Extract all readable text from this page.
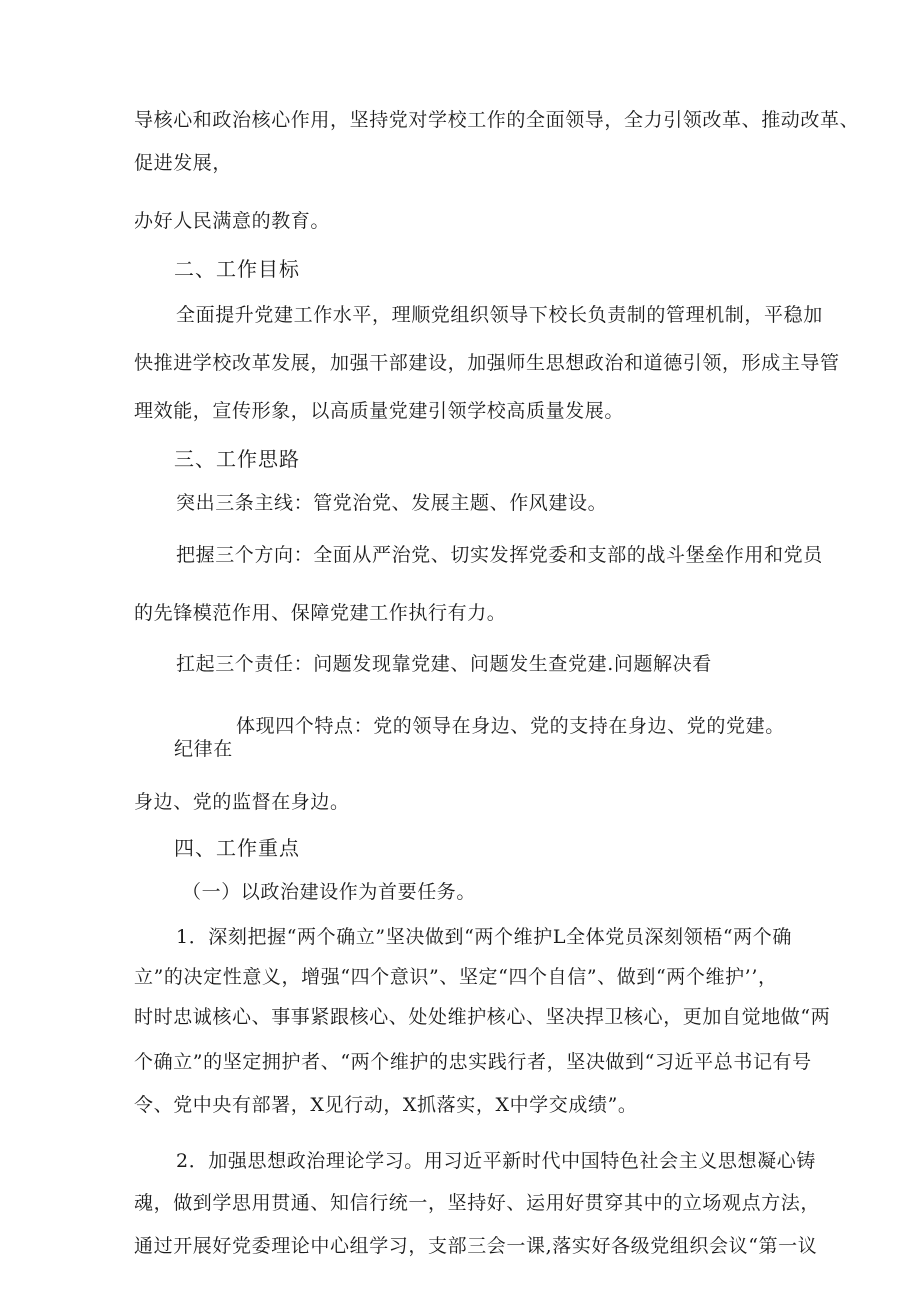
导核心和政治核心作用，坚持党对学校工作的全面领导，全力引领改革、推动改革、
促进发展，
办好人民满意的教育。
二、工作目标
全面提升党建工作水平，理顺党组织领导下校长负责制的管理机制，平稳加
快推进学校改革发展，加强干部建设，加强师生思想政治和道德引领，形成主导管
理效能，宣传形象，以高质量党建引领学校高质量发展。
三、工作思路
突出三条主线：管党治党、发展主题、作风建设。
把握三个方向：全面从严治党、切实发挥党委和支部的战斗堡垒作用和党员
的先锋模范作用、保障党建工作执行有力。
扛起三个责任：问题发现靠党建、问题发生查党建.问题解决看
体现四个特点：党的领导在身边、党的支持在身边、党的党建。
纪律在
身边、党的监督在身边。
四、工作重点
（一）以政治建设作为首要任务。
1．深刻把握“两个确立”坚决做到“两个维护L全体党员深刻领梧“两个确
立”的决定性意义，增强“四个意识”、坚定“四个自信”、做到“两个维护’’，
时时忠诚核心、事事紧跟核心、处处维护核心、坚决捍卫核心，更加自觉地做“两
个确立”的坚定拥护者、“两个维护的忠实践行者，坚决做到“习近平总书记有号
令、党中央有部署，X见行动，X抓落实，X中学交成绩”。
2．加强思想政治理论学习。用习近平新时代中国特色社会主义思想凝心铸
魂，做到学思用贯通、知信行统一，坚持好、运用好贯穿其中的立场观点方法，
通过开展好党委理论中心组学习，支部三会一课,落实好各级党组织会议“第一议
